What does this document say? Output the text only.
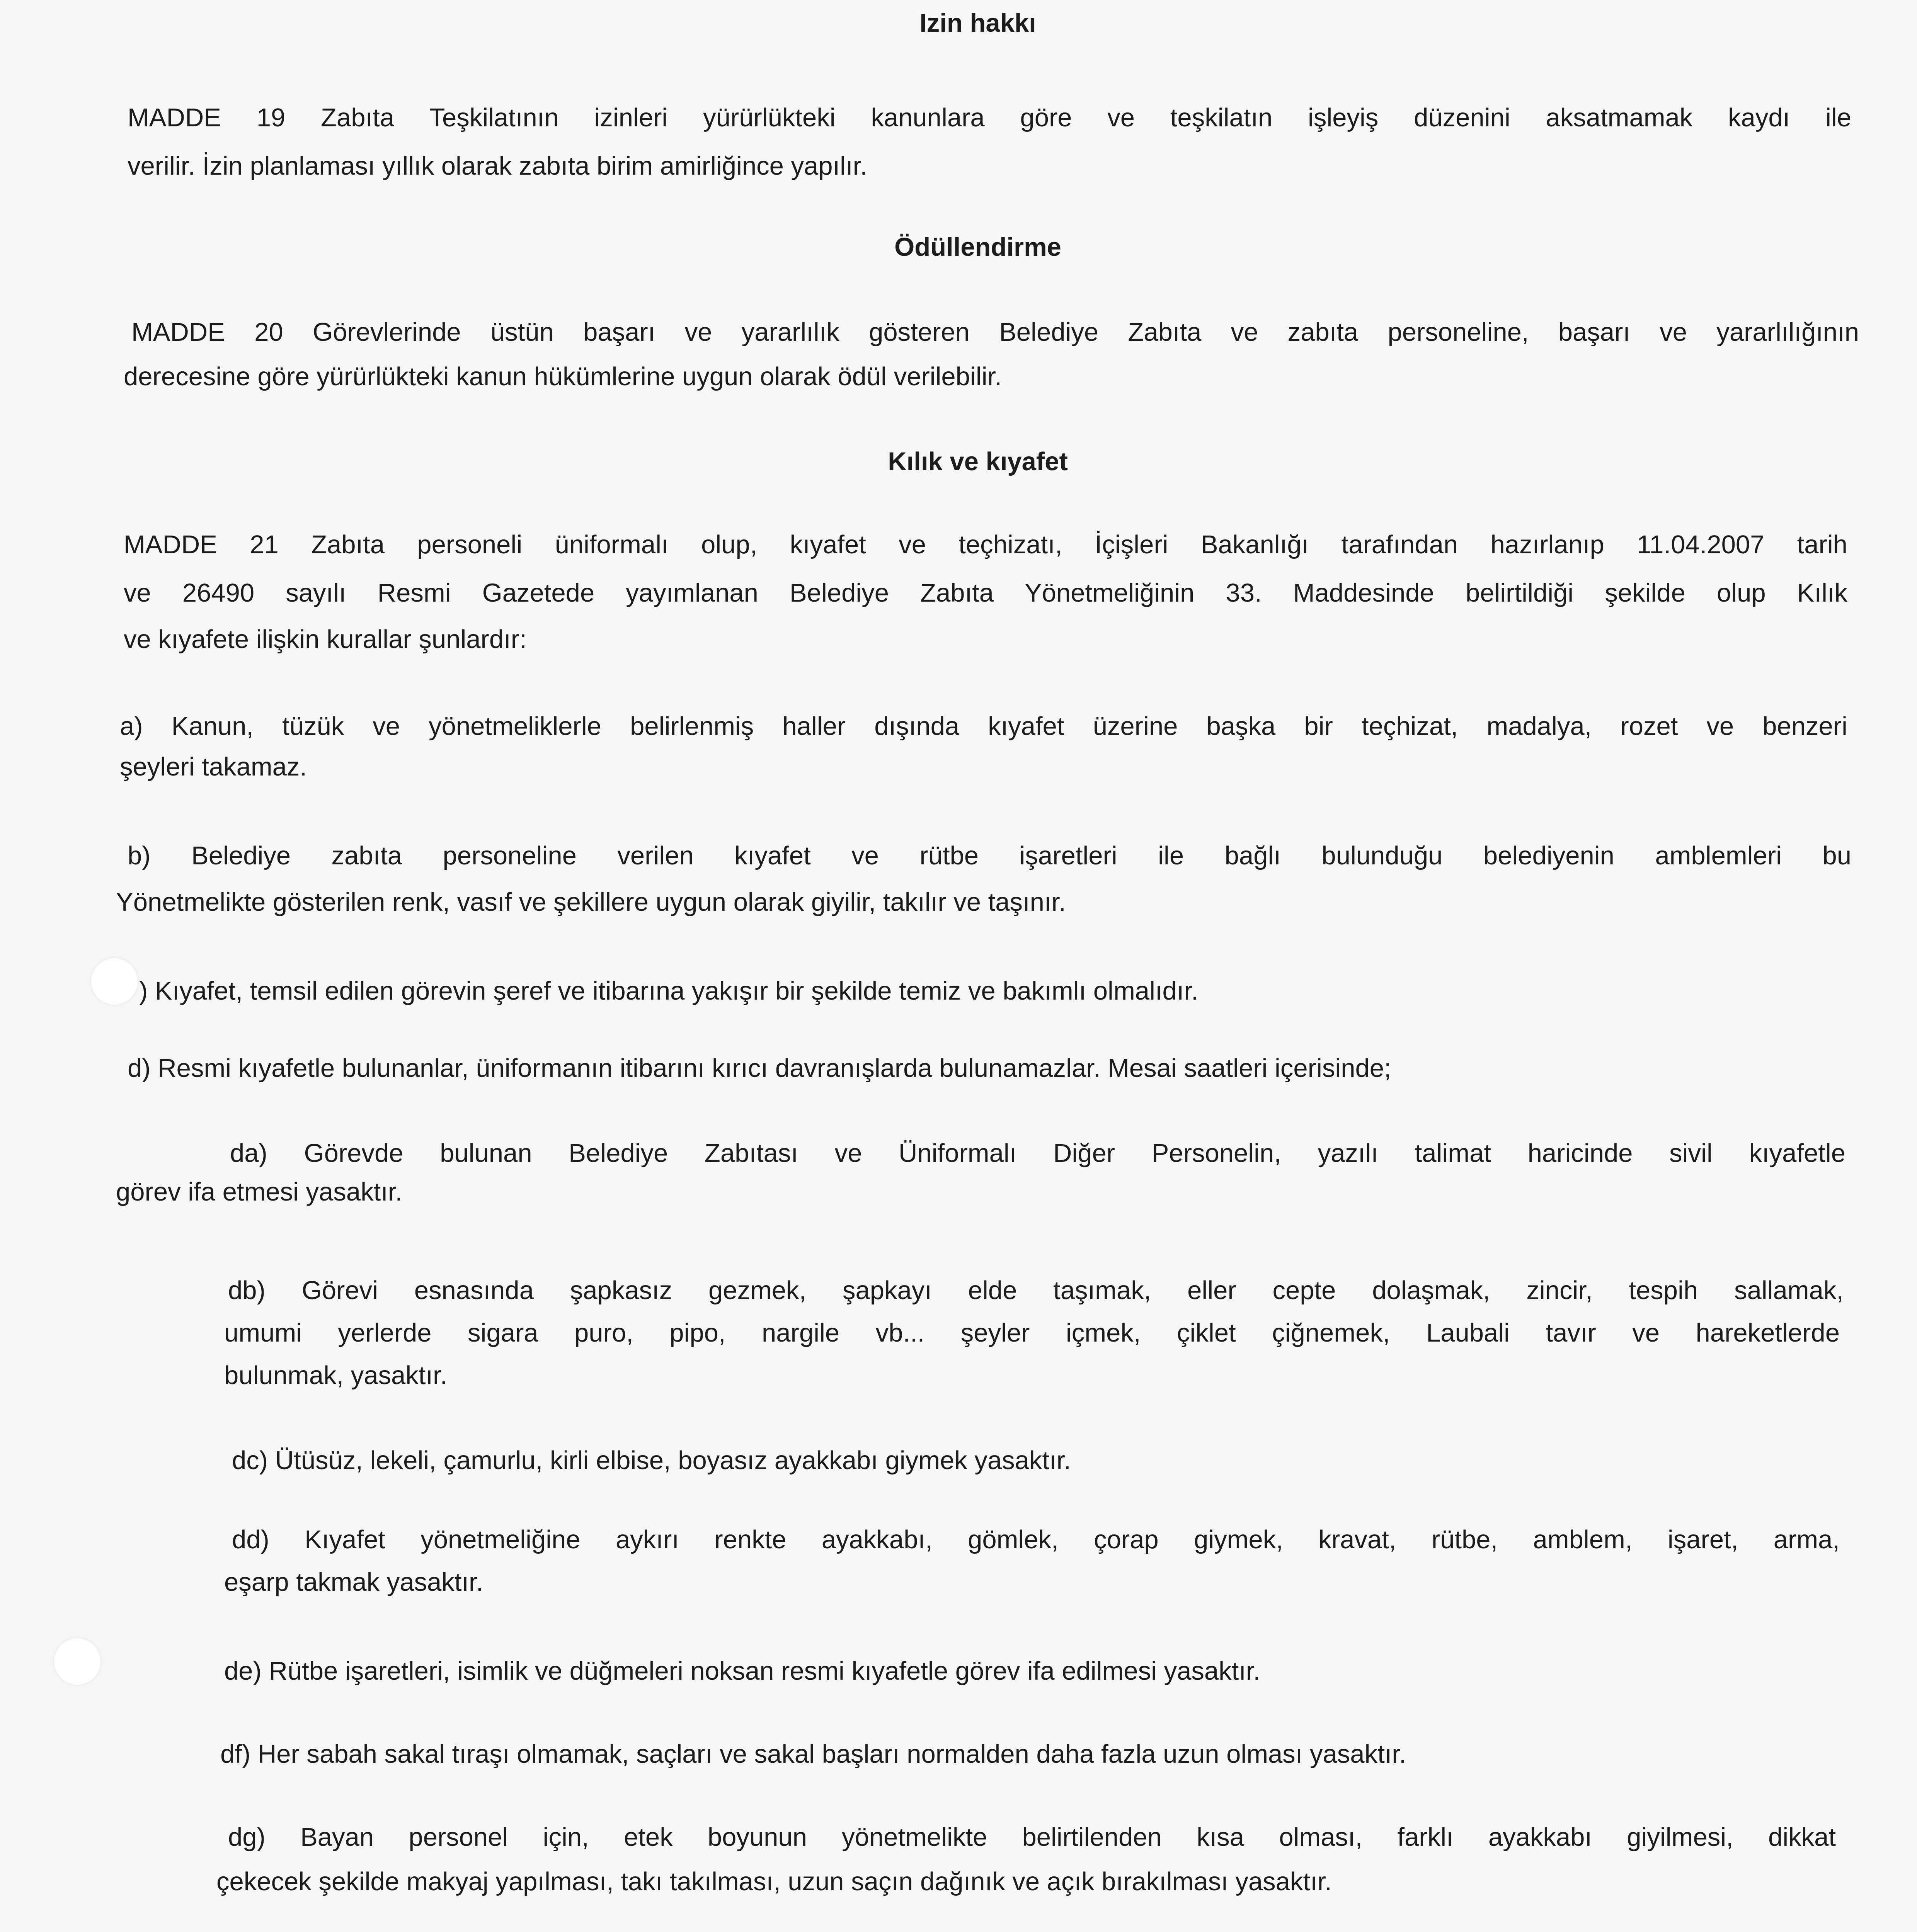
Izin hakkı

MADDE 19 Zabıta Teşkilatının izinleri yürürlükteki kanunlara göre ve teşkilatın işleyiş düzenini aksatmamak kaydı ile

verilir. İzin planlaması yıllık olarak zabıta birim amirliğince yapılır.

Ödüllendirme

MADDE 20 Görevlerinde üstün başarı ve yararlılık gösteren Belediye Zabıta ve zabıta personeline, başarı ve yararlılığının

derecesine göre yürürlükteki kanun hükümlerine uygun olarak ödül verilebilir.

Kılık ve kıyafet

MADDE 21 Zabıta personeli üniformalı olup, kıyafet ve teçhizatı, İçişleri Bakanlığı tarafından hazırlanıp 11.04.2007 tarih

ve 26490 sayılı Resmi Gazetede yayımlanan Belediye Zabıta Yönetmeliğinin 33. Maddesinde belirtildiği şekilde olup Kılık

ve kıyafete ilişkin kurallar şunlardır:

a) Kanun, tüzük ve yönetmeliklerle belirlenmiş haller dışında kıyafet üzerine başka bir teçhizat, madalya, rozet ve benzeri

şeyleri takamaz.

b) Belediye zabıta personeline verilen kıyafet ve rütbe işaretleri ile bağlı bulunduğu belediyenin amblemleri bu

Yönetmelikte gösterilen renk, vasıf ve şekillere uygun olarak giyilir, takılır ve taşınır.

) Kıyafet, temsil edilen görevin şeref ve itibarına yakışır bir şekilde temiz ve bakımlı olmalıdır.

d) Resmi kıyafetle bulunanlar, üniformanın itibarını kırıcı davranışlarda bulunamazlar. Mesai saatleri içerisinde;

da) Görevde bulunan Belediye Zabıtası ve Üniformalı Diğer Personelin, yazılı talimat haricinde sivil kıyafetle

görev ifa etmesi yasaktır.

db) Görevi esnasında şapkasız gezmek, şapkayı elde taşımak, eller cepte dolaşmak, zincir, tespih sallamak,

umumi yerlerde sigara puro, pipo, nargile vb... şeyler içmek, çiklet çiğnemek, Laubali tavır ve hareketlerde

bulunmak, yasaktır.

dc) Ütüsüz, lekeli, çamurlu, kirli elbise, boyasız ayakkabı giymek yasaktır.

dd) Kıyafet yönetmeliğine aykırı renkte ayakkabı, gömlek, çorap giymek, kravat, rütbe, amblem, işaret, arma,

eşarp takmak yasaktır.

de) Rütbe işaretleri, isimlik ve düğmeleri noksan resmi kıyafetle görev ifa edilmesi yasaktır.

df) Her sabah sakal tıraşı olmamak, saçları ve sakal başları normalden daha fazla uzun olması yasaktır.

dg) Bayan personel için, etek boyunun yönetmelikte belirtilenden kısa olması, farklı ayakkabı giyilmesi, dikkat

çekecek şekilde makyaj yapılması, takı takılması, uzun saçın dağınık ve açık bırakılması yasaktır.
